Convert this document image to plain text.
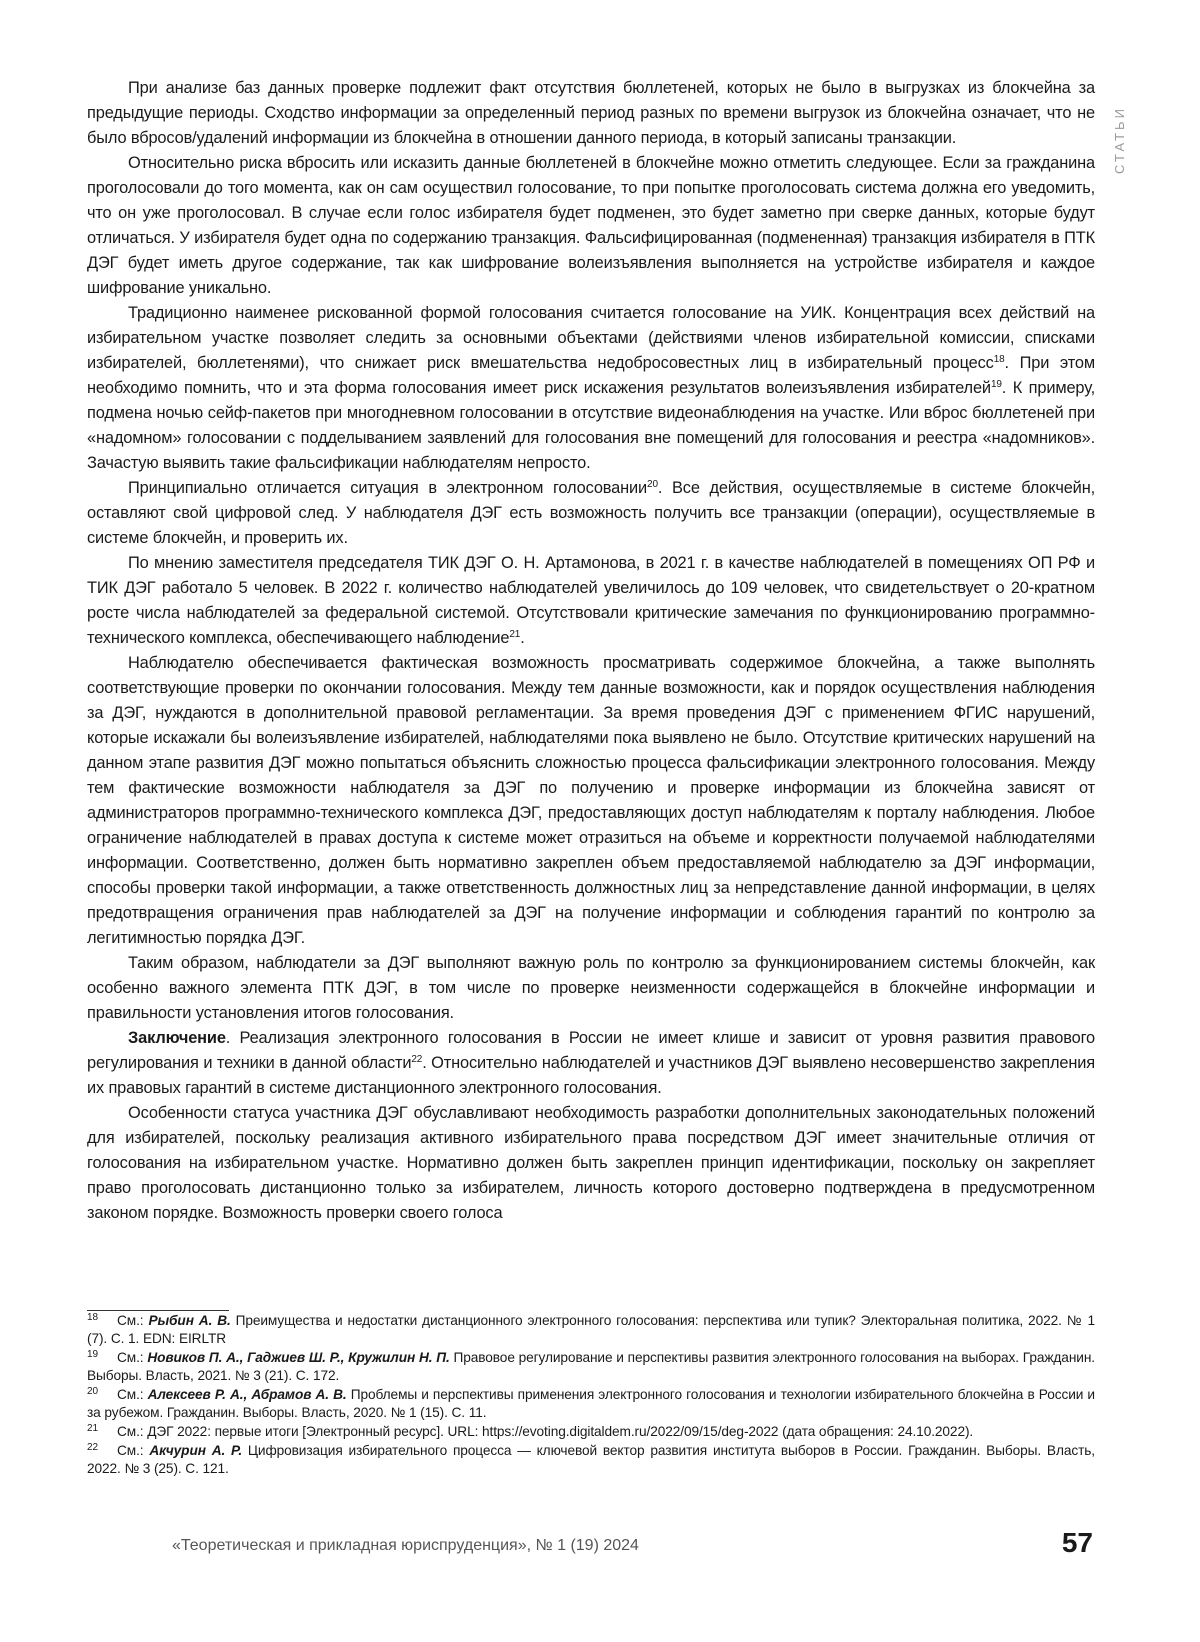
СТАТЬИ

При анализе баз данных проверке подлежит факт отсутствия бюллетеней, которых не было в выгрузках из блокчейна за предыдущие периоды. Сходство информации за определенный период разных по времени выгрузок из блокчейна означает, что не было вбросов/удалений информации из блокчейна в отношении данного периода, в который записаны транзакции.

Относительно риска вбросить или исказить данные бюллетеней в блокчейне можно отметить следующее. Если за гражданина проголосовали до того момента, как он сам осуществил голосование, то при попытке проголосовать система должна его уведомить, что он уже проголосовал. В случае если голос избирателя будет подменен, это будет заметно при сверке данных, которые будут отличаться. У избирателя будет одна по содержанию транзакция. Фальсифицированная (подмененная) транзакция избирателя в ПТК ДЭГ будет иметь другое содержание, так как шифрование волеизъявления выполняется на устройстве избирателя и каждое шифрование уникально.

Традиционно наименее рискованной формой голосования считается голосование на УИК. Концентрация всех действий на избирательном участке позволяет следить за основными объектами (действиями членов избирательной комиссии, списками избирателей, бюллетенями), что снижает риск вмешательства недобросовестных лиц в избирательный процесс$^{18}$. При этом необходимо помнить, что и эта форма голосования имеет риск искажения результатов волеизъявления избирателей$^{19}$. К примеру, подмена ночью сейф-пакетов при многодневном голосовании в отсутствие видеонаблюдения на участке. Или вброс бюллетеней при «надомном» голосовании с подделыванием заявлений для голосования вне помещений для голосования и реестра «надомников». Зачастую выявить такие фальсификации наблюдателям непросто.

Принципиально отличается ситуация в электронном голосовании$^{20}$. Все действия, осуществляемые в системе блокчейн, оставляют свой цифровой след. У наблюдателя ДЭГ есть возможность получить все транзакции (операции), осуществляемые в системе блокчейн, и проверить их.

По мнению заместителя председателя ТИК ДЭГ О. Н. Артамонова, в 2021 г. в качестве наблюдателей в помещениях ОП РФ и ТИК ДЭГ работало 5 человек. В 2022 г. количество наблюдателей увеличилось до 109 человек, что свидетельствует о 20-кратном росте числа наблюдателей за федеральной системой. Отсутствовали критические замечания по функционированию программно-технического комплекса, обеспечивающего наблюдение$^{21}$.

Наблюдателю обеспечивается фактическая возможность просматривать содержимое блокчейна, а также выполнять соответствующие проверки по окончании голосования. Между тем данные возможности, как и порядок осуществления наблюдения за ДЭГ, нуждаются в дополнительной правовой регламентации. За время проведения ДЭГ с применением ФГИС нарушений, которые искажали бы волеизъявление избирателей, наблюдателями пока выявлено не было. Отсутствие критических нарушений на данном этапе развития ДЭГ можно попытаться объяснить сложностью процесса фальсификации электронного голосования. Между тем фактические возможности наблюдателя за ДЭГ по получению и проверке информации из блокчейна зависят от администраторов программно-технического комплекса ДЭГ, предоставляющих доступ наблюдателям к порталу наблюдения. Любое ограничение наблюдателей в правах доступа к системе может отразиться на объеме и корректности получаемой наблюдателями информации. Соответственно, должен быть нормативно закреплен объем предоставляемой наблюдателю за ДЭГ информации, способы проверки такой информации, а также ответственность должностных лиц за непредставление данной информации, в целях предотвращения ограничения прав наблюдателей за ДЭГ на получение информации и соблюдения гарантий по контролю за легитимностью порядка ДЭГ.

Таким образом, наблюдатели за ДЭГ выполняют важную роль по контролю за функционированием системы блокчейн, как особенно важного элемента ПТК ДЭГ, в том числе по проверке неизменности содержащейся в блокчейне информации и правильности установления итогов голосования.

Заключение. Реализация электронного голосования в России не имеет клише и зависит от уровня развития правового регулирования и техники в данной области$^{22}$. Относительно наблюдателей и участников ДЭГ выявлено несовершенство закрепления их правовых гарантий в системе дистанционного электронного голосования.

Особенности статуса участника ДЭГ обуславливают необходимость разработки дополнительных законодательных положений для избирателей, поскольку реализация активного избирательного права посредством ДЭГ имеет значительные отличия от голосования на избирательном участке. Нормативно должен быть закреплен принцип идентификации, поскольку он закрепляет право проголосовать дистанционно только за избирателем, личность которого достоверно подтверждена в предусмотренном законом порядке. Возможность проверки своего голоса

18 См.: Рыбин А. В. Преимущества и недостатки дистанционного электронного голосования: перспектива или тупик? Электоральная политика, 2022. № 1 (7). С. 1. EDN: EIRLTR

19 См.: Новиков П. А., Гаджиев Ш. Р., Кружилин Н. П. Правовое регулирование и перспективы развития электронного голосования на выборах. Гражданин. Выборы. Власть, 2021. № 3 (21). С. 172.

20 См.: Алексеев Р. А., Абрамов А. В. Проблемы и перспективы применения электронного голосования и технологии избирательного блокчейна в России и за рубежом. Гражданин. Выборы. Власть, 2020. № 1 (15). С. 11.

21 См.: ДЭГ 2022: первые итоги [Электронный ресурс]. URL: https://evoting.digitaldem.ru/2022/09/15/deg-2022 (дата обращения: 24.10.2022).

22 См.: Акчурин А. Р. Цифровизация избирательного процесса — ключевой вектор развития института выборов в России. Гражданин. Выборы. Власть, 2022. № 3 (25). С. 121.

«Теоретическая и прикладная юриспруденция», № 1 (19) 2024	57
